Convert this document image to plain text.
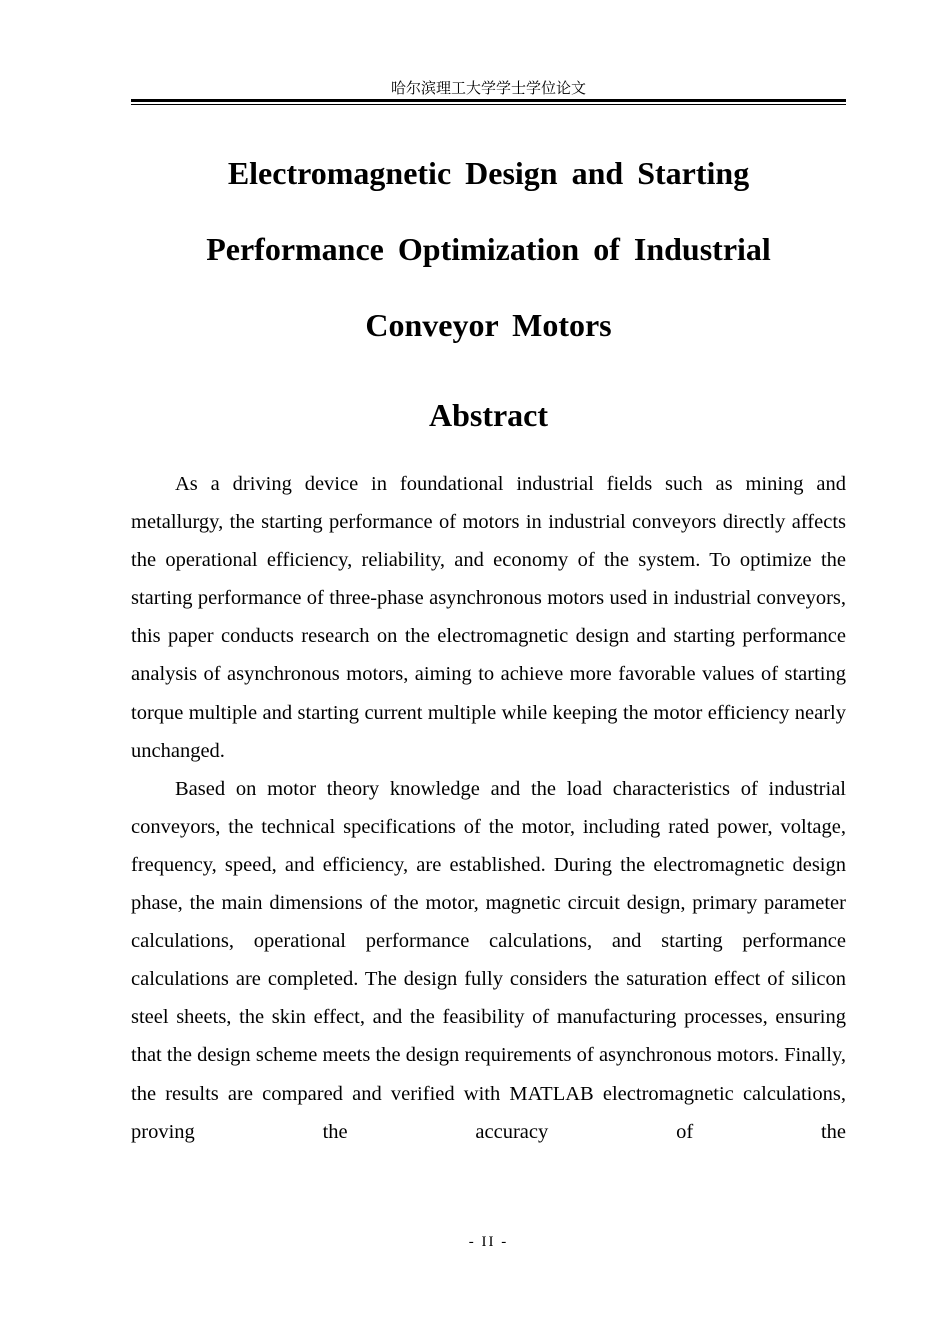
哈尔滨理工大学学士学位论文
Electromagnetic Design and Starting
Performance Optimization of Industrial
Conveyor Motors
Abstract

As a driving device in foundational industrial fields such as mining and metallurgy, the starting performance of motors in industrial conveyors directly affects the operational efficiency, reliability, and economy of the system. To optimize the starting performance of three-phase asynchronous motors used in industrial conveyors, this paper conducts research on the electromagnetic design and starting performance analysis of asynchronous motors, aiming to achieve more favorable values of starting torque multiple and starting current multiple while keeping the motor efficiency nearly unchanged.

Based on motor theory knowledge and the load characteristics of industrial conveyors, the technical specifications of the motor, including rated power, voltage, frequency, speed, and efficiency, are established. During the electromagnetic design phase, the main dimensions of the motor, magnetic circuit design, primary parameter calculations, operational performance calculations, and starting performance calculations are completed. The design fully considers the saturation effect of silicon steel sheets, the skin effect, and the feasibility of manufacturing processes, ensuring that the design scheme meets the design requirements of asynchronous motors. Finally, the results are compared and verified with MATLAB electromagnetic calculations, proving the accuracy of the

- II -
